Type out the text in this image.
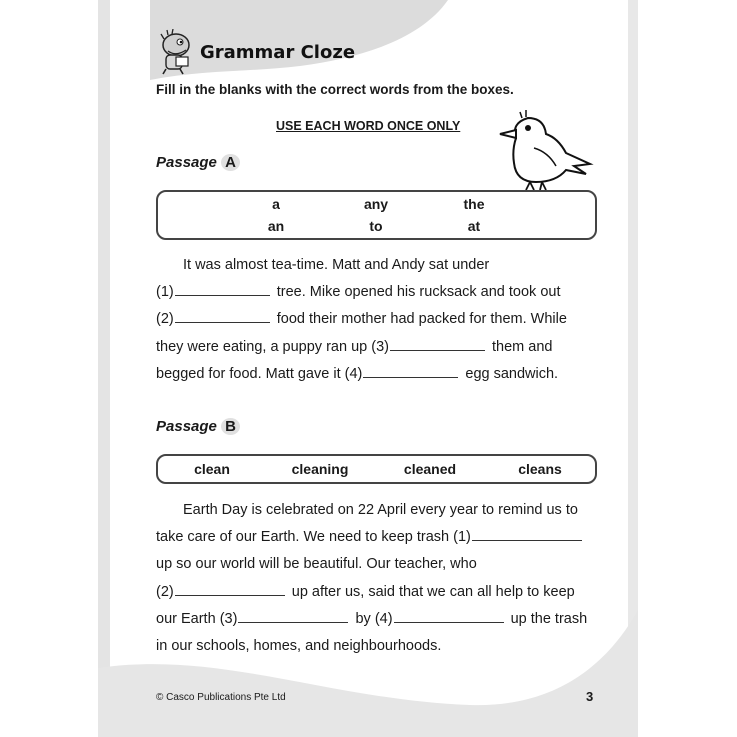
Grammar Cloze
Fill in the blanks with the correct words from the boxes.
USE EACH WORD ONCE ONLY
Passage A
a	any	the
an	to	at
It was almost tea-time. Matt and Andy sat under
(1)	tree. Mike opened his rucksack and took out
(2)	food their mother had packed for them. While
they were eating, a puppy ran up (3)	them and
begged for food. Matt gave it (4)	egg sandwich.
Passage B
clean	cleaning	cleaned	cleans
Earth Day is celebrated on 22 April every year to remind us to
take care of our Earth. We need to keep trash (1)
up so our world will be beautiful. Our teacher, who
(2)	up after us, said that we can all help to keep
our Earth (3)	by (4)	up the trash
in our schools, homes, and neighbourhoods.
© Casco Publications Pte Ltd	3
